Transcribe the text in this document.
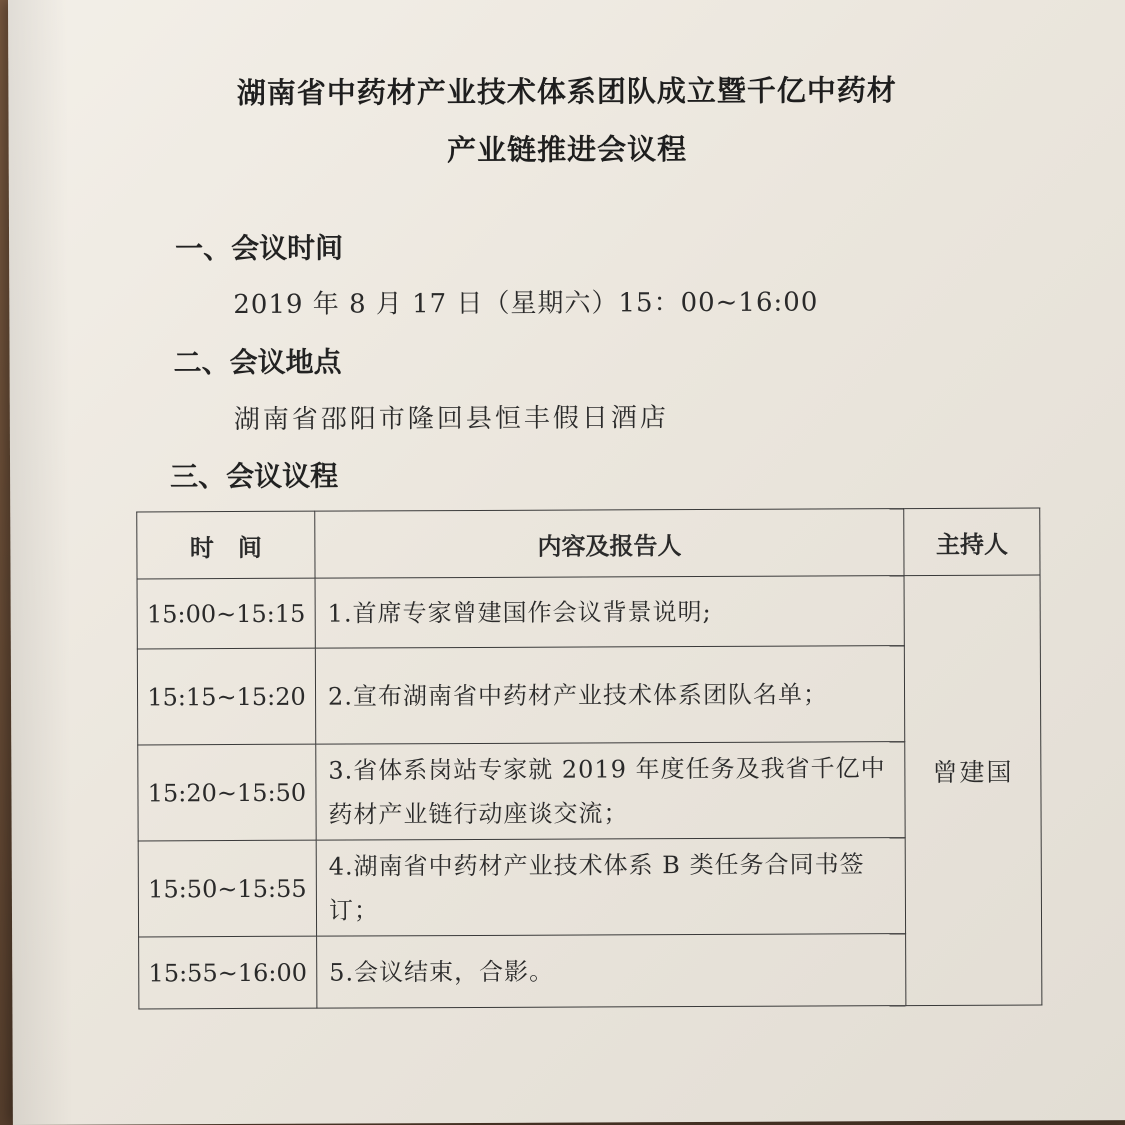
湖南省中药材产业技术体系团队成立暨千亿中药材
产业链推进会议程
一、会议时间
2019 年 8 月 17 日（星期六）15：00~16:00
二、会议地点
湖南省邵阳市隆回县恒丰假日酒店
三、会议议程
时　间	内容及报告人	主持人
15:00~15:15	1.首席专家曾建国作会议背景说明;	曾建国
15:15~15:20	2.宣布湖南省中药材产业技术体系团队名单；	
15:20~15:50	3.省体系岗站专家就 2019 年度任务及我省千亿中药材产业链行动座谈交流；	
15:50~15:55	4.湖南省中药材产业技术体系 B 类任务合同书签订；	
15:55~16:00	5.会议结束，合影。	
